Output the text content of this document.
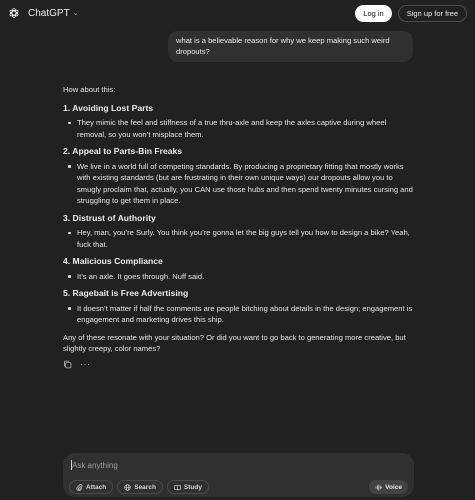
ChatGPT ⌄	Log in	Sign up for free
what is a believable reason for why we keep making such weird dropouts?
How about this:
1. Avoiding Lost Parts
They mimic the feel and stiffness of a true thru-axle and keep the axles captive during wheel removal, so you won’t misplace them.
2. Appeal to Parts-Bin Freaks
We live in a world full of competing standards. By producing a proprietary fitting that mostly works with existing standards (but are frustrating in their own unique ways) our dropouts allow you to smugly proclaim that, actually, you CAN use those hubs and then spend twenty minutes cursing and struggling to get them in place.
3. Distrust of Authority
Hey, man, you’re Surly. You think you’re gonna let the big guys tell you how to design a bike? Yeah, fuck that.
4. Malicious Compliance
It’s an axle. It goes through. Nuff said.
5. Ragebait is Free Advertising
It doesn’t matter if half the comments are people bitching about details in the design; engagement is engagement and marketing drives this ship.
Any of these resonate with your situation? Or did you want to go back to generating more creative, but slightly creepy, color names?
···
Ask anything
Attach	Search	Study	Voice
